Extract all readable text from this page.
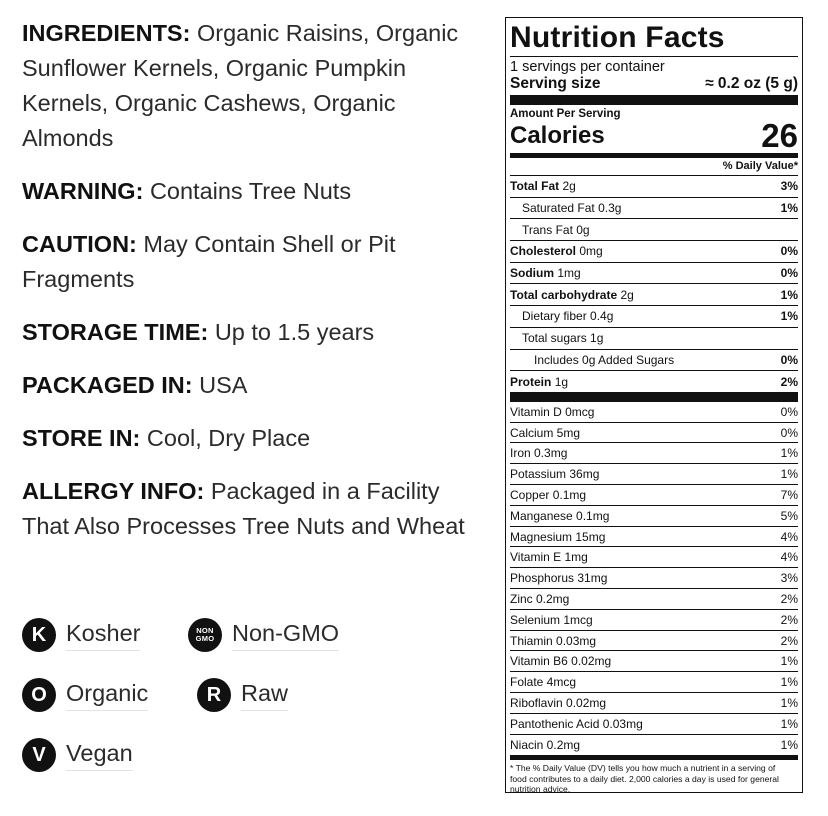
INGREDIENTS: Organic Raisins, Organic Sunflower Kernels, Organic Pumpkin Kernels, Organic Cashews, Organic Almonds

WARNING: Contains Tree Nuts

CAUTION: May Contain Shell or Pit Fragments

STORAGE TIME: Up to 1.5 years

PACKAGED IN: USA

STORE IN: Cool, Dry Place

ALLERGY INFO: Packaged in a Facility That Also Processes Tree Nuts and Wheat

K Kosher	NON
GMO Non-GMO
O Organic	R Raw
V Vegan
Nutrition Facts
1 servings per container
Serving size	≈ 0.2 oz (5 g)
Amount Per Serving
Calories	26
% Daily Value*
Total Fat 2g	3%
Saturated Fat 0.3g	1%
Trans Fat 0g
Cholesterol 0mg	0%
Sodium 1mg	0%
Total carbohydrate 2g	1%
Dietary fiber 0.4g	1%
Total sugars 1g
Includes 0g Added Sugars	0%
Protein 1g	2%
Vitamin D 0mcg	0%
Calcium 5mg	0%
Iron 0.3mg	1%
Potassium 36mg	1%
Copper 0.1mg	7%
Manganese 0.1mg	5%
Magnesium 15mg	4%
Vitamin E 1mg	4%
Phosphorus 31mg	3%
Zinc 0.2mg	2%
Selenium 1mcg	2%
Thiamin 0.03mg	2%
Vitamin B6 0.02mg	1%
Folate 4mcg	1%
Riboflavin 0.02mg	1%
Pantothenic Acid 0.03mg	1%
Niacin 0.2mg	1%
* The % Daily Value (DV) tells you how much a nutrient in a serving of food contributes to a daily diet. 2,000 calories a day is used for general nutrition advice.
